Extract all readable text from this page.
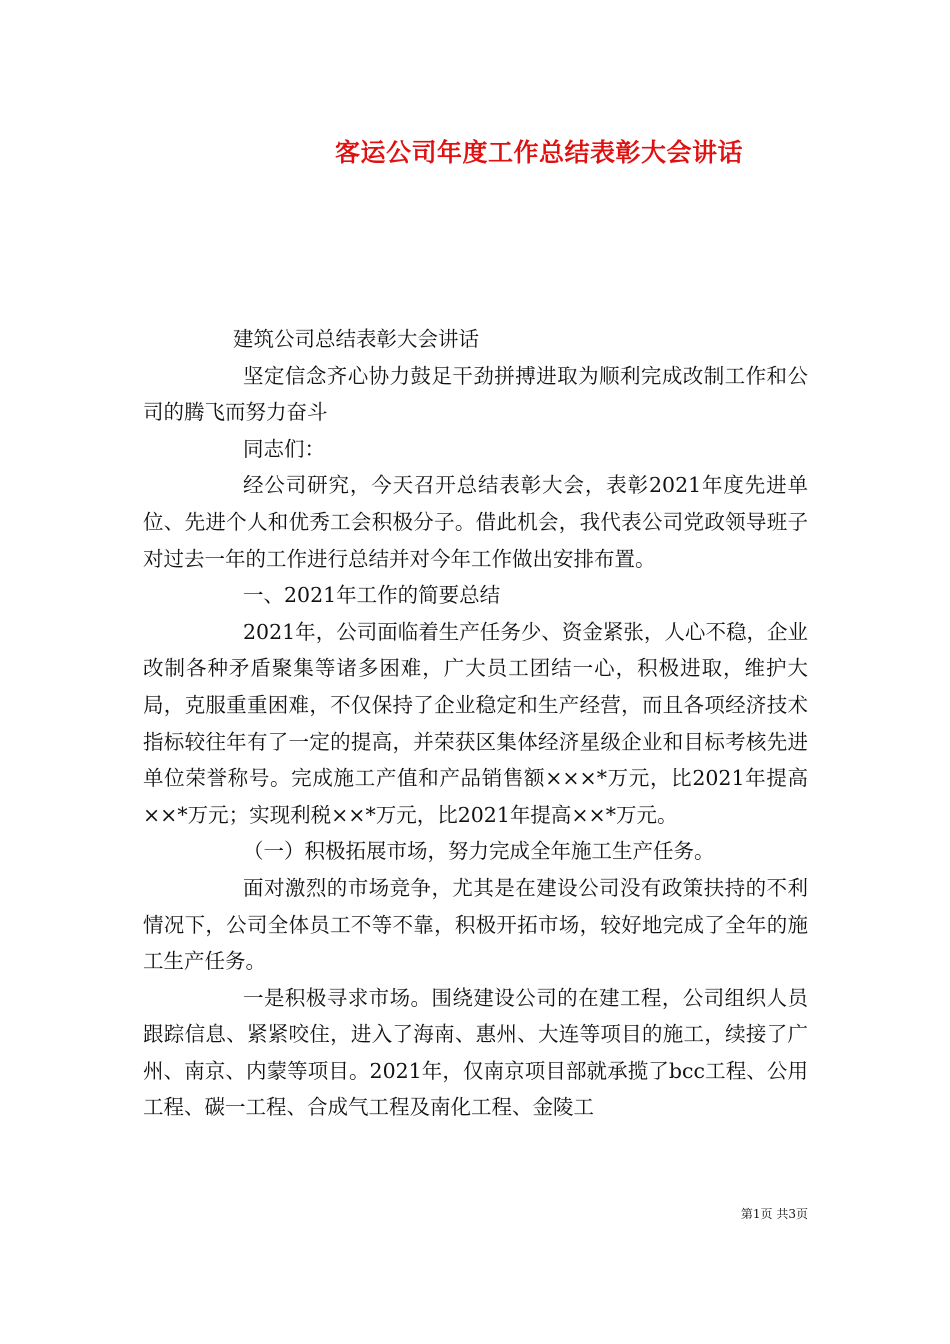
客运公司年度工作总结表彰大会讲话

建筑公司总结表彰大会讲话

坚定信念齐心协力鼓足干劲拼搏进取为顺利完成改制工作和公司的腾飞而努力奋斗

同志们：

经公司研究，今天召开总结表彰大会，表彰2021年度先进单位、先进个人和优秀工会积极分子。借此机会，我代表公司党政领导班子对过去一年的工作进行总结并对今年工作做出安排布置。

一、2021年工作的简要总结

2021年，公司面临着生产任务少、资金紧张，人心不稳，企业改制各种矛盾聚集等诸多困难，广大员工团结一心，积极进取，维护大局，克服重重困难，不仅保持了企业稳定和生产经营，而且各项经济技术指标较往年有了一定的提高，并荣获区集体经济星级企业和目标考核先进单位荣誉称号。完成施工产值和产品销售额×××*万元，比2021年提高××*万元；实现利税××*万元，比2021年提高××*万元。

（一）积极拓展市场，努力完成全年施工生产任务。

面对激烈的市场竞争，尤其是在建设公司没有政策扶持的不利情况下，公司全体员工不等不靠，积极开拓市场，较好地完成了全年的施工生产任务。

一是积极寻求市场。围绕建设公司的在建工程，公司组织人员跟踪信息、紧紧咬住，进入了海南、惠州、大连等项目的施工，续接了广州、南京、内蒙等项目。2021年，仅南京项目部就承揽了bcc工程、公用工程、碳一工程、合成气工程及南化工程、金陵工

第1页 共3页
